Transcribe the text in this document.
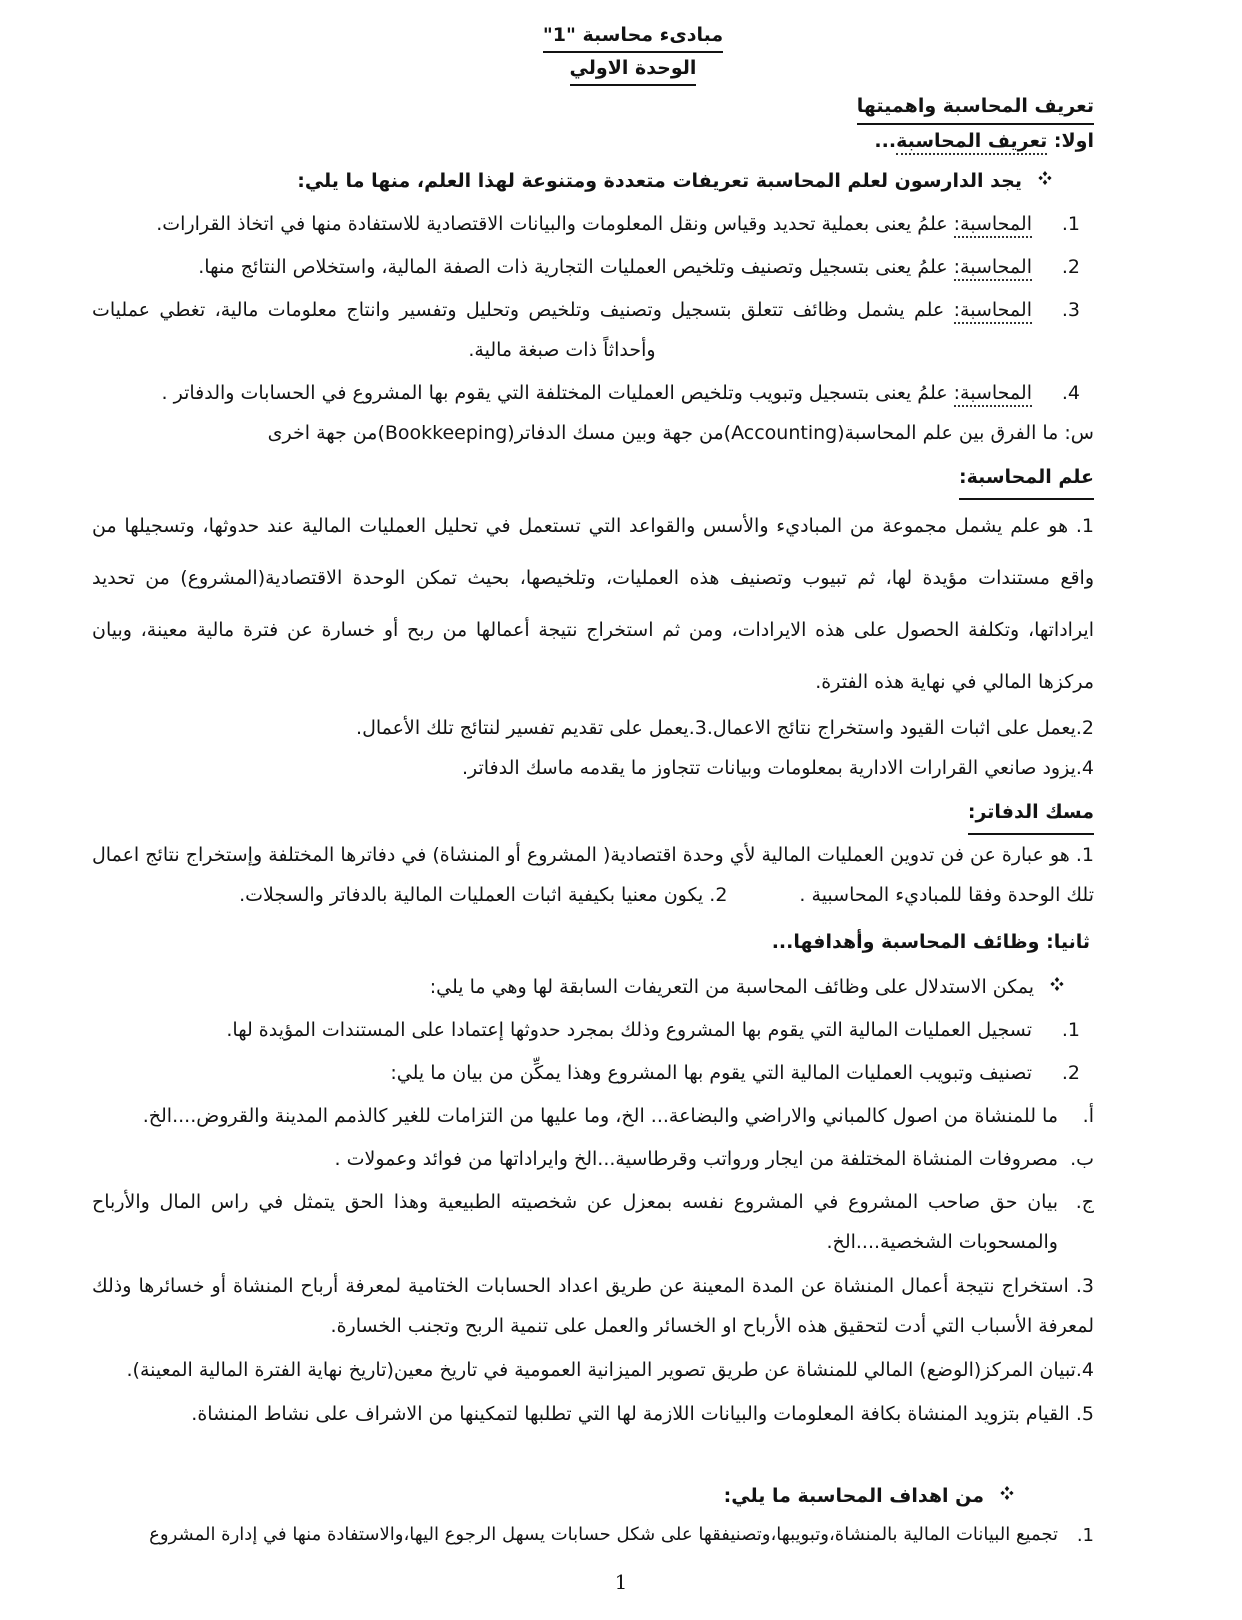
مبادىء محاسبة "1"
الوحدة الاولي
تعريف المحاسبة واهميتها
اولا: تعريف المحاسبة...
يجد الدارسون لعلم المحاسبة تعريفات متعددة ومتنوعة لهذا العلم، منها ما يلي:
1.
المحاسبة: علمُ يعنى بعملية تحديد وقياس ونقل المعلومات والبيانات الاقتصادية للاستفادة منها في اتخاذ القرارات.
2.
المحاسبة: علمُ يعنى بتسجيل وتصنيف وتلخيص العمليات التجارية ذات الصفة المالية، واستخلاص النتائج منها.
3.
المحاسبة: علم يشمل وظائف تتعلق بتسجيل وتصنيف وتلخيص وتحليل وتفسير وانتاج معلومات مالية، تغطي عمليات وأحداثاً ذات صبغة مالية.
4.
المحاسبة: علمُ يعنى بتسجيل وتبويب وتلخيص العمليات المختلفة التي يقوم بها المشروع في الحسابات والدفاتر .
س: ما الفرق بين علم المحاسبة(Accounting)من جهة وبين مسك الدفاتر(Bookkeeping)من جهة اخرى
علم المحاسبة:
1. هو علم يشمل مجموعة من المباديء والأسس والقواعد التي تستعمل في تحليل العمليات المالية عند حدوثها، وتسجيلها من واقع مستندات مؤيدة لها، ثم تبيوب وتصنيف هذه العمليات، وتلخيصها، بحيث تمكن الوحدة الاقتصادية(المشروع) من تحديد ايراداتها، وتكلفة الحصول على هذه الايرادات، ومن ثم استخراج نتيجة أعمالها من ربح أو خسارة عن فترة مالية معينة، وبيان مركزها المالي في نهاية هذه الفترة.
2.يعمل على اثبات القيود واستخراج نتائج الاعمال.3.يعمل على تقديم تفسير لنتائج تلك الأعمال.
4.يزود صانعي القرارات الادارية بمعلومات وبيانات تتجاوز ما يقدمه ماسك الدفاتر.
مسك الدفاتر:
1. هو عبارة عن فن تدوين العمليات المالية لأي وحدة اقتصادية( المشروع أو المنشاة) في دفاترها المختلفة وإستخراج نتائج اعمال تلك الوحدة وفقا للمباديء المحاسبية .2. يكون معنيا بكيفية اثبات العمليات المالية بالدفاتر والسجلات.
ثانيا: وظائف المحاسبة وأهدافها...
يمكن الاستدلال على وظائف المحاسبة من التعريفات السابقة لها وهي ما يلي:
1.
تسجيل العمليات المالية التي يقوم بها المشروع وذلك بمجرد حدوثها إعتمادا على المستندات المؤيدة لها.
2.
تصنيف وتبويب العمليات المالية التي يقوم بها المشروع وهذا يمكِّن من بيان ما يلي:
أ.
ما للمنشاة من اصول كالمباني والاراضي والبضاعة... الخ، وما عليها من التزامات للغير كالذمم المدينة والقروض....الخ.
ب.
مصروفات المنشاة المختلفة من ايجار ورواتب وقرطاسية...الخ وايراداتها من فوائد وعمولات .
ج.
بيان حق صاحب المشروع في المشروع نفسه بمعزل عن شخصيته الطبيعية وهذا الحق يتمثل في راس المال والأرباح والمسحوبات الشخصية....الخ.
3. استخراج نتيجة أعمال المنشاة عن المدة المعينة عن طريق اعداد الحسابات الختامية لمعرفة أرباح المنشاة أو خسائرها وذلك لمعرفة الأسباب التي أدت لتحقيق هذه الأرباح او الخسائر والعمل على تنمية الربح وتجنب الخسارة.
4.تبيان المركز(الوضع) المالي للمنشاة عن طريق تصوير الميزانية العمومية في تاريخ معين(تاريخ نهاية الفترة المالية المعينة).
5. القيام بتزويد المنشاة بكافة المعلومات والبيانات اللازمة لها التي تطلبها لتمكينها من الاشراف على نشاط المنشاة.
من اهداف المحاسبة ما يلي:
1.
تجميع البيانات المالية بالمنشاة،وتبويبها،وتصنيفقها على شكل حسابات يسهل الرجوع اليها،والاستفادة منها في إدارة المشروع
1
